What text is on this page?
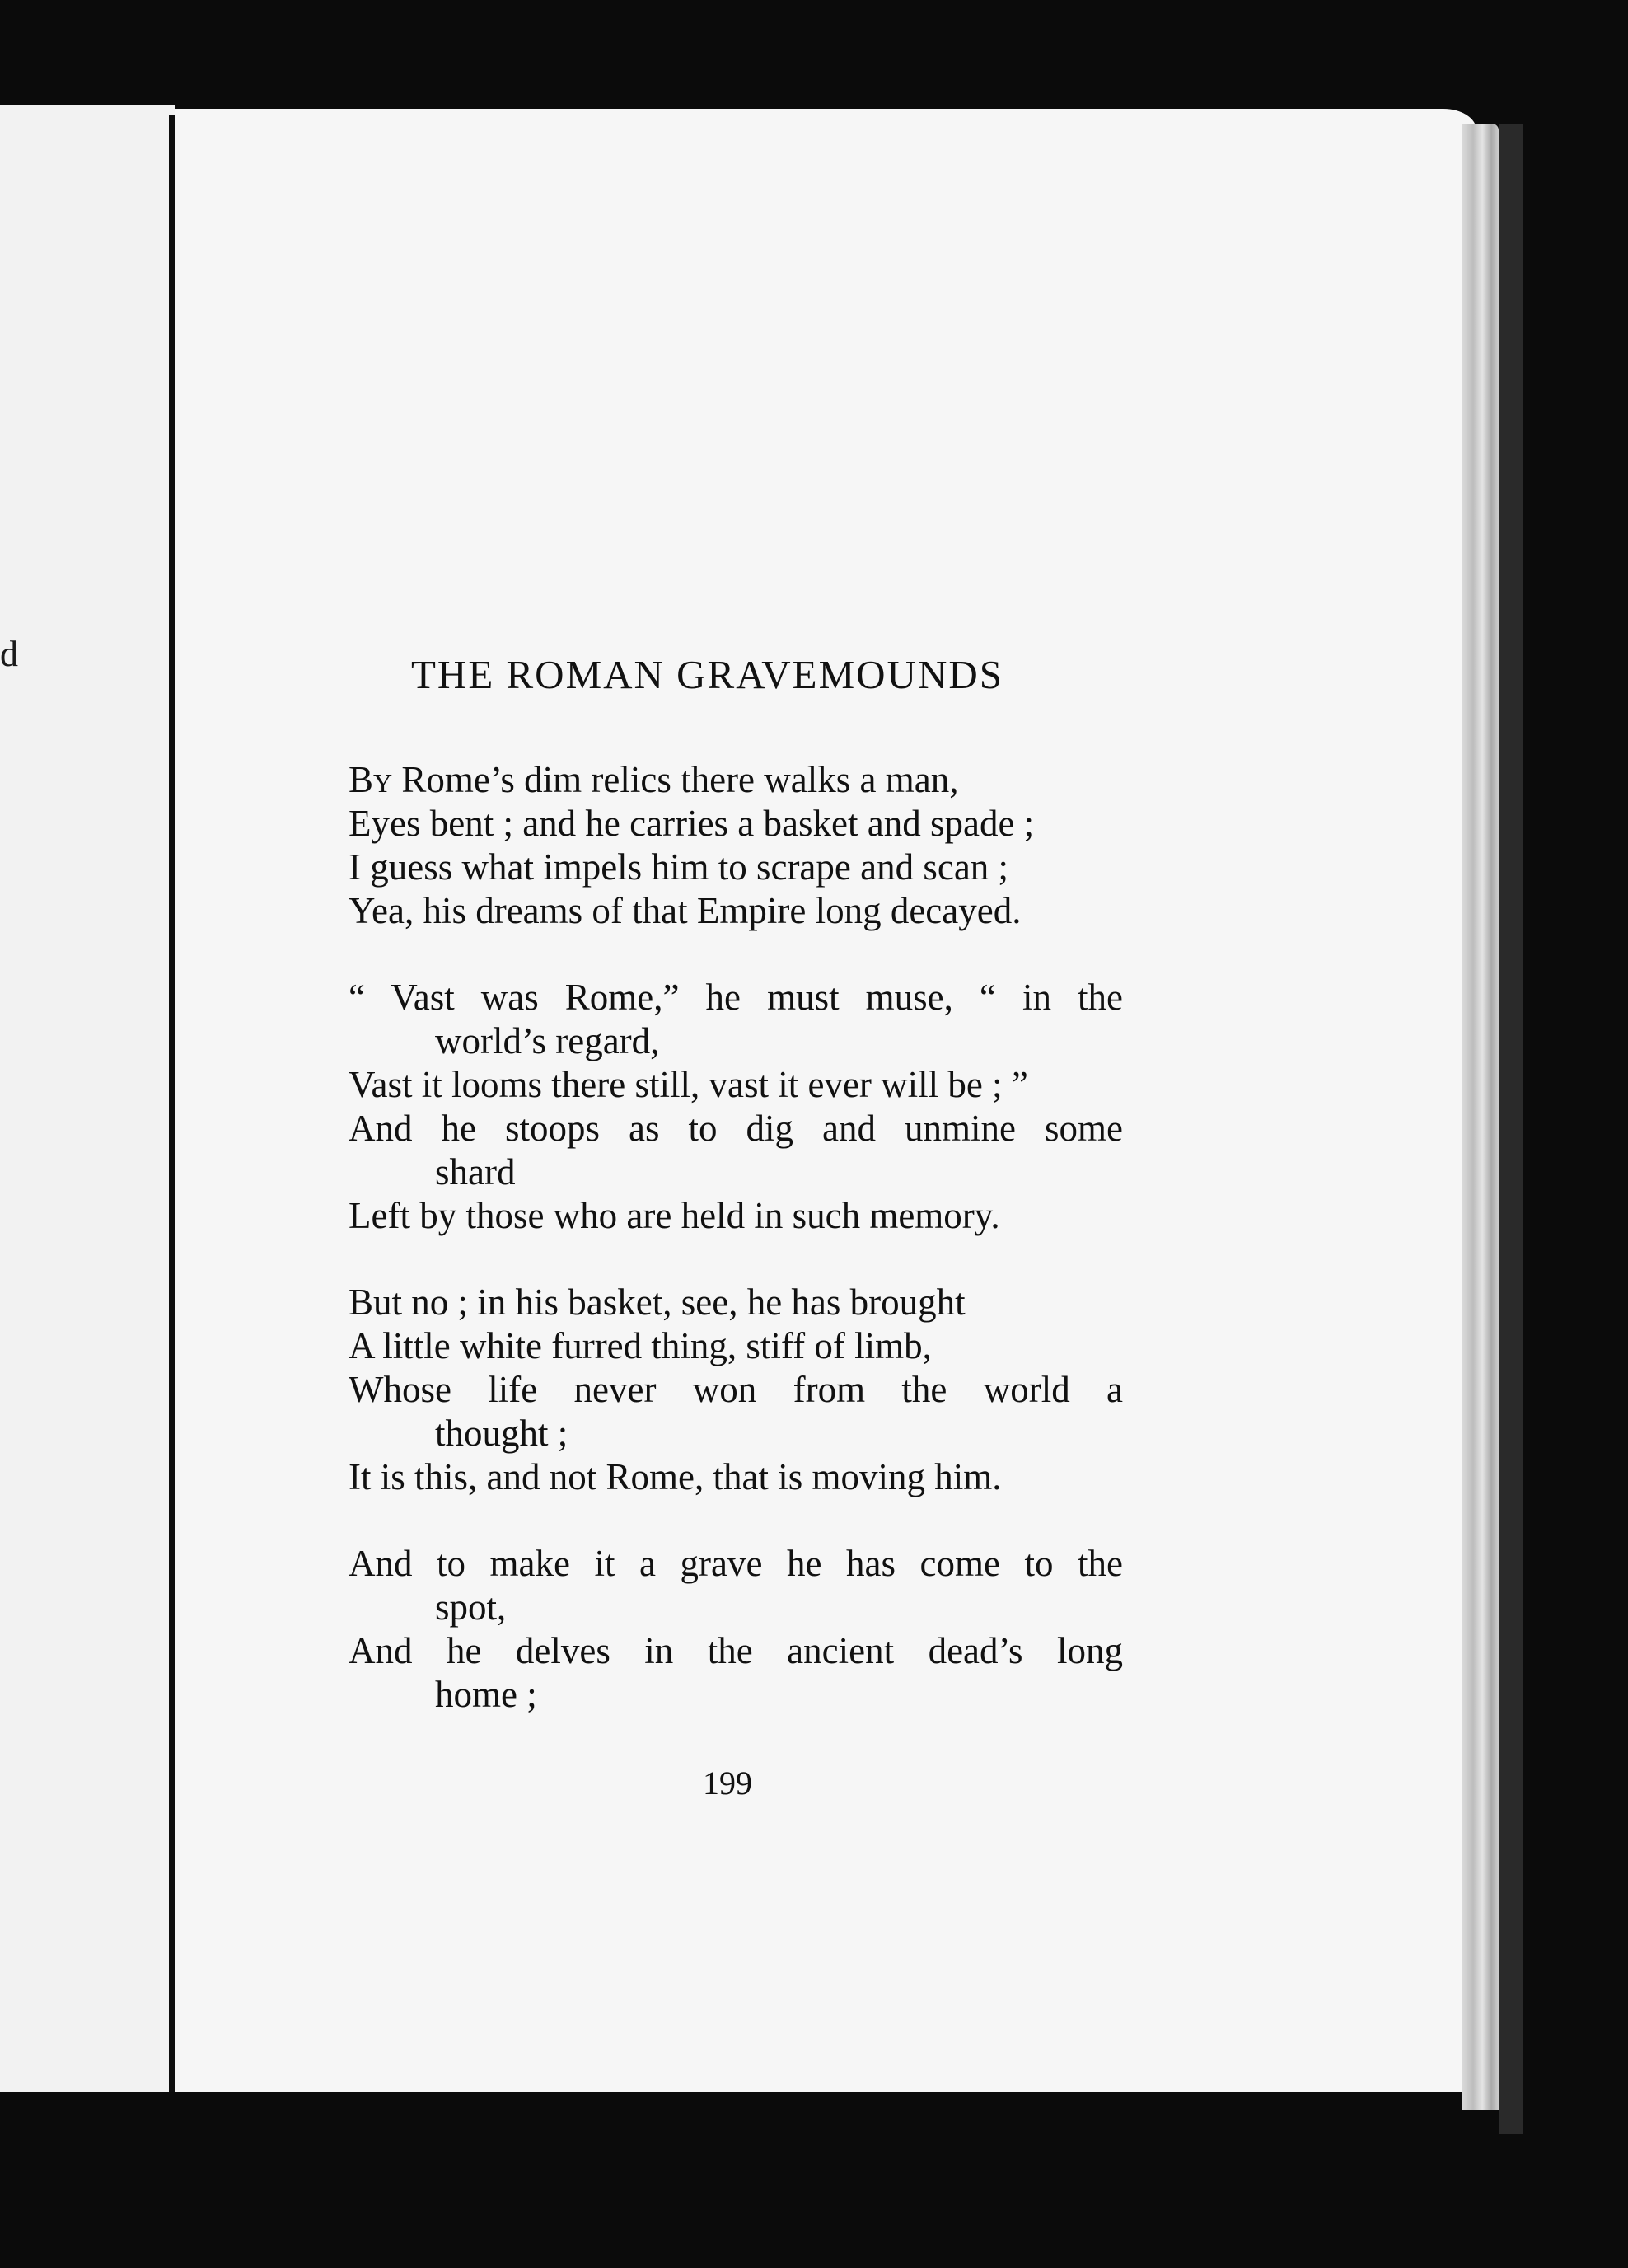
d	THE ROMAN GRAVEMOUNDS
By Rome’s dim relics there walks a man,
Eyes bent ; and he carries a basket and spade ;
I guess what impels him to scrape and scan ;
Yea, his dreams of that Empire long decayed.
“ Vast was Rome,” he must muse, “ in the
world’s regard,
Vast it looms there still, vast it ever will be ; ”
And he stoops as to dig and unmine some
shard
Left by those who are held in such memory.
But no ; in his basket, see, he has brought
A little white furred thing, stiff of limb,
Whose life never won from the world a
thought ;
It is this, and not Rome, that is moving him.
And to make it a grave he has come to the
spot,
And he delves in the ancient dead’s long
home ;
199
